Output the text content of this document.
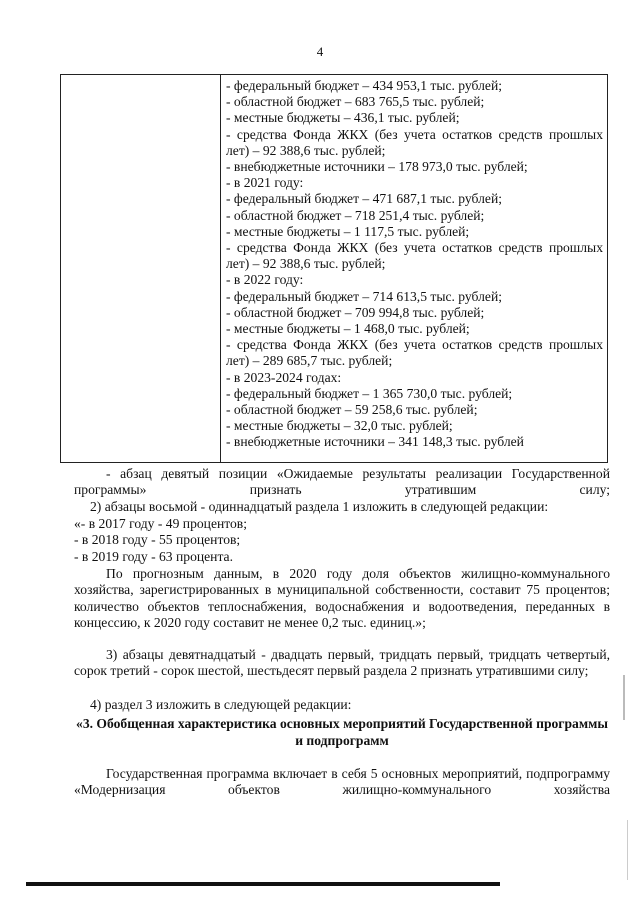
4
- федеральный бюджет – 434 953,1 тыс. рублей;
- областной бюджет – 683 765,5 тыс. рублей;
- местные бюджеты – 436,1 тыс. рублей;
- средства Фонда ЖКХ (без учета остатков средств прошлых лет) – 92 388,6 тыс. рублей;
- внебюджетные источники – 178 973,0 тыс. рублей;
- в 2021 году:
- федеральный бюджет – 471 687,1 тыс. рублей;
- областной бюджет – 718 251,4 тыс. рублей;
- местные бюджеты – 1 117,5 тыс. рублей;
- средства Фонда ЖКХ (без учета остатков средств прошлых лет) – 92 388,6 тыс. рублей;
- в 2022 году:
- федеральный бюджет – 714 613,5 тыс. рублей;
- областной бюджет – 709 994,8 тыс. рублей;
- местные бюджеты – 1 468,0 тыс. рублей;
- средства Фонда ЖКХ (без учета остатков средств прошлых лет) – 289 685,7 тыс. рублей;
- в 2023-2024 годах:
- федеральный бюджет – 1 365 730,0 тыс. рублей;
- областной бюджет – 59 258,6 тыс. рублей;
- местные бюджеты – 32,0 тыс. рублей;
- внебюджетные источники – 341 148,3 тыс. рублей
- абзац девятый позиции «Ожидаемые результаты реализации Государственной программы» признать утратившим силу;
2) абзацы восьмой - одиннадцатый раздела 1 изложить в следующей редакции:
«- в 2017 году - 49 процентов;
- в 2018 году - 55 процентов;
- в 2019 году - 63 процента.
По прогнозным данным, в 2020 году доля объектов жилищно-коммунального хозяйства, зарегистрированных в муниципальной собственности, составит 75 процентов; количество объектов теплоснабжения, водоснабжения и водоотведения, переданных в концессию, к 2020 году составит не менее 0,2 тыс. единиц.»;
3) абзацы девятнадцатый - двадцать первый, тридцать первый, тридцать четвертый, сорок третий - сорок шестой, шестьдесят первый раздела 2 признать утратившими силу;
4) раздел 3 изложить в следующей редакции:
«3. Обобщенная характеристика основных мероприятий Государственной программы и подпрограмм
Государственная программа включает в себя 5 основных мероприятий, подпрограмму «Модернизация объектов жилищно-коммунального хозяйства
